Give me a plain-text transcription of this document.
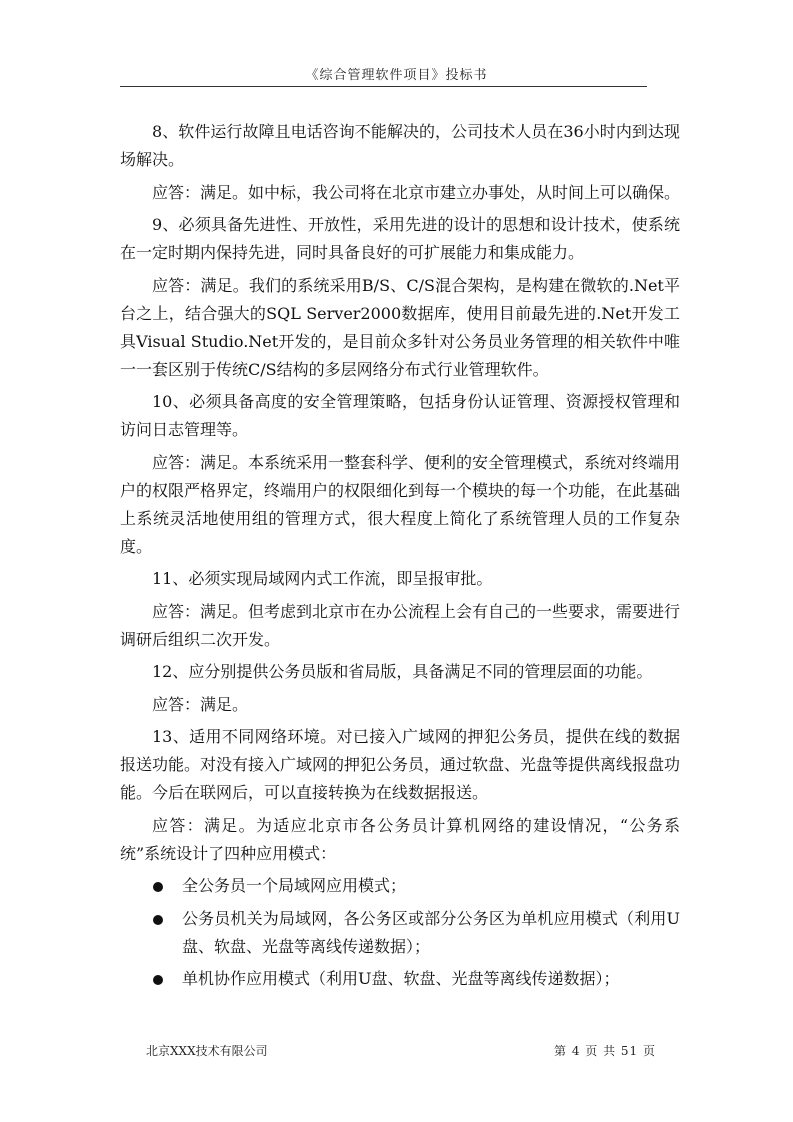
《综合管理软件项目》投标书

8、软件运行故障且电话咨询不能解决的，公司技术人员在36小时内到达现场解决。

应答：满足。如中标，我公司将在北京市建立办事处，从时间上可以确保。

9、必须具备先进性、开放性，采用先进的设计的思想和设计技术，使系统在一定时期内保持先进，同时具备良好的可扩展能力和集成能力。

应答：满足。我们的系统采用B/S、C/S混合架构，是构建在微软的.Net平台之上，结合强大的SQL Server2000数据库，使用目前最先进的.Net开发工具Visual Studio.Net开发的，是目前众多针对公务员业务管理的相关软件中唯一一套区别于传统C/S结构的多层网络分布式行业管理软件。

10、必须具备高度的安全管理策略，包括身份认证管理、资源授权管理和访问日志管理等。

应答：满足。本系统采用一整套科学、便利的安全管理模式，系统对终端用户的权限严格界定，终端用户的权限细化到每一个模块的每一个功能，在此基础上系统灵活地使用组的管理方式，很大程度上简化了系统管理人员的工作复杂度。

11、必须实现局域网内式工作流，即呈报审批。

应答：满足。但考虑到北京市在办公流程上会有自己的一些要求，需要进行调研后组织二次开发。

12、应分别提供公务员版和省局版，具备满足不同的管理层面的功能。

应答：满足。

13、适用不同网络环境。对已接入广域网的押犯公务员，提供在线的数据报送功能。对没有接入广域网的押犯公务员，通过软盘、光盘等提供离线报盘功能。今后在联网后，可以直接转换为在线数据报送。

应答：满足。为适应北京市各公务员计算机网络的建设情况，“公务系统”系统设计了四种应用模式：

全公务员一个局域网应用模式；
公务员机关为局域网，各公务区或部分公务区为单机应用模式（利用U盘、软盘、光盘等离线传递数据）；
单机协作应用模式（利用U盘、软盘、光盘等离线传递数据）；
北京XXX技术有限公司	第 4 页 共 51 页
